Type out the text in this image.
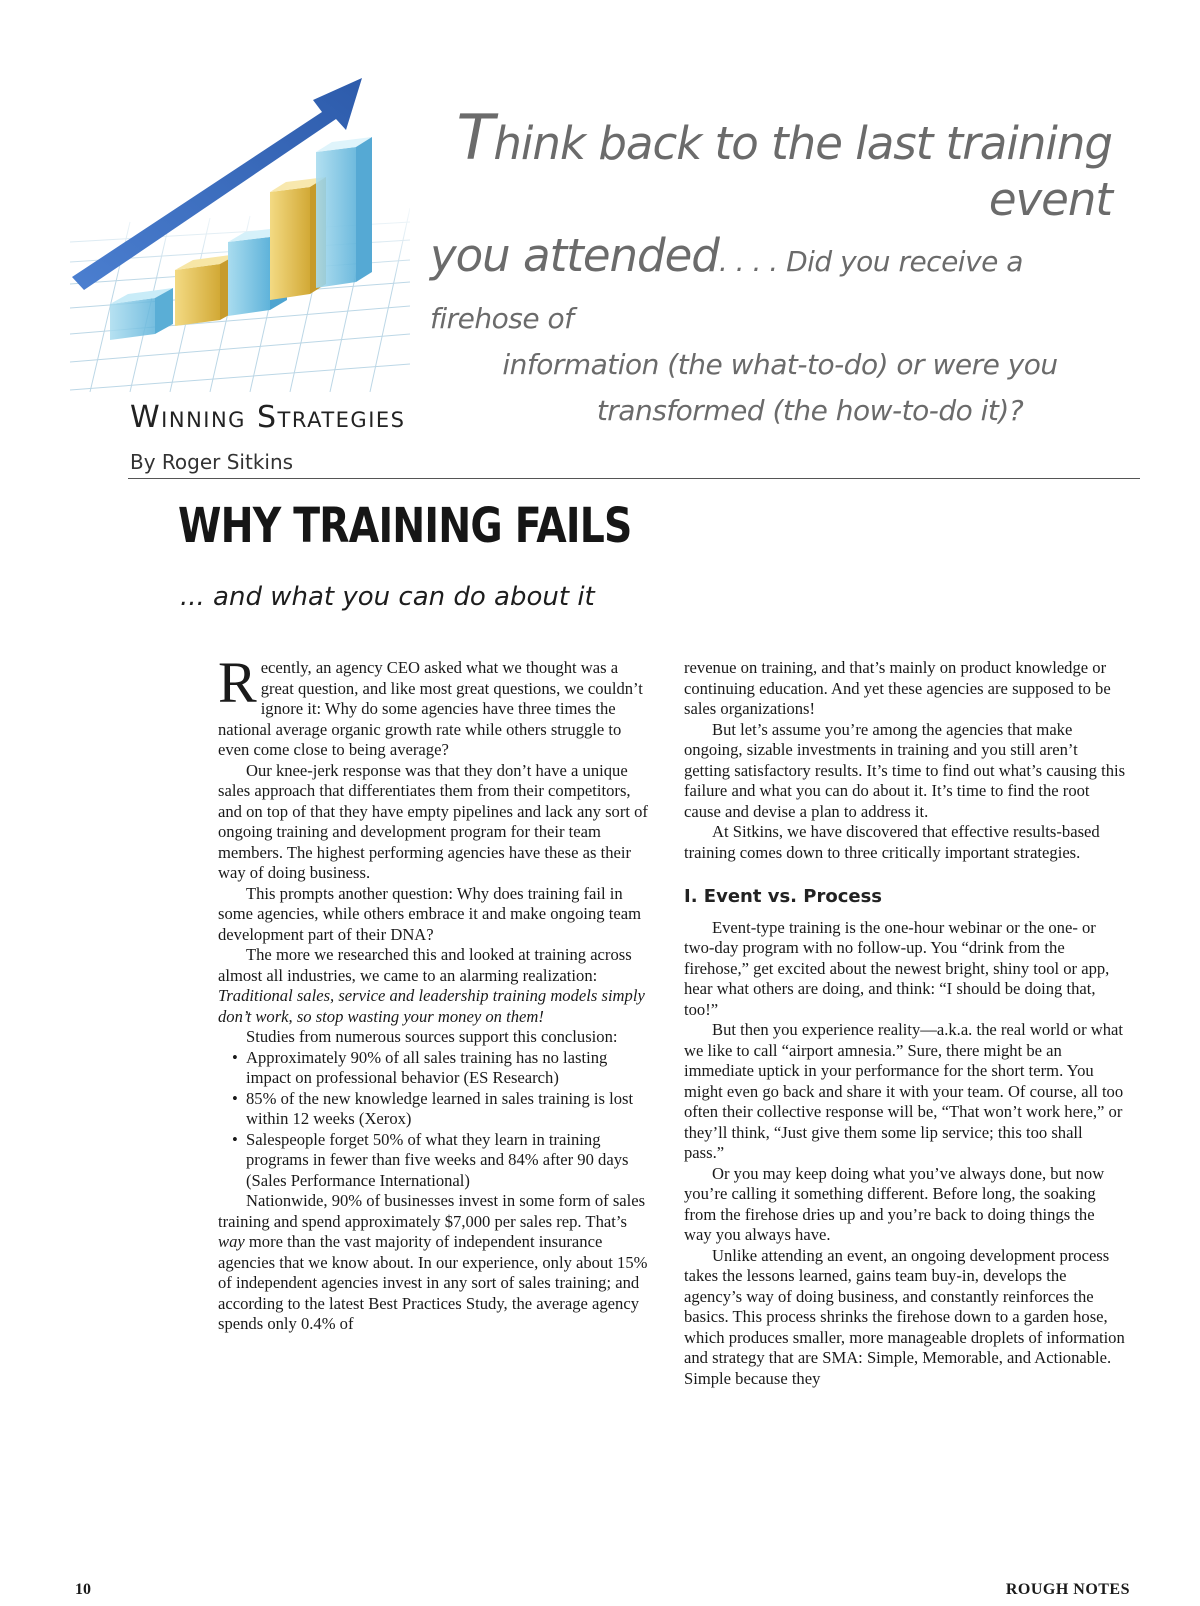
Think back to the last training event
you attended. . . . Did you receive a firehose of
information (the what-to-do) or were you
transformed (the how-to-do it)?
Winning Strategies
By Roger Sitkins
WHY TRAINING FAILS
... and what you can do about it

Recently, an agency CEO asked what we thought was a great question, and like most great questions, we couldn’t ignore it: Why do some agencies have three times the national average organic growth rate while others struggle to even come close to being average?

Our knee-jerk response was that they don’t have a unique sales approach that differentiates them from their competitors, and on top of that they have empty pipelines and lack any sort of ongoing training and development program for their team members. The highest performing agencies have these as their way of doing business.

This prompts another question: Why does training fail in some agencies, while others embrace it and make ongoing team development part of their DNA?

The more we researched this and looked at training across almost all industries, we came to an alarming realization: Traditional sales, service and leadership training models simply don’t work, so stop wasting your money on them!

Studies from numerous sources support this conclusion:

• Approximately 90% of all sales training has no lasting impact on professional behavior (ES Research)
• 85% of the new knowledge learned in sales training is lost within 12 weeks (Xerox)
• Salespeople forget 50% of what they learn in training programs in fewer than five weeks and 84% after 90 days (Sales Performance International)

Nationwide, 90% of businesses invest in some form of sales training and spend approximately $7,000 per sales rep. That’s way more than the vast majority of independent insurance agencies that we know about. In our experience, only about 15% of independent agencies invest in any sort of sales training; and according to the latest Best Practices Study, the average agency spends only 0.4% of

revenue on training, and that’s mainly on product knowledge or continuing education. And yet these agencies are supposed to be sales organizations!

But let’s assume you’re among the agencies that make ongoing, sizable investments in training and you still aren’t getting satisfactory results. It’s time to find out what’s causing this failure and what you can do about it. It’s time to find the root cause and devise a plan to address it.

At Sitkins, we have discovered that effective results-based training comes down to three critically important strategies.

I. Event vs. Process

Event-type training is the one-hour webinar or the one- or two-day program with no follow-up. You “drink from the firehose,” get excited about the newest bright, shiny tool or app, hear what others are doing, and think: “I should be doing that, too!”

But then you experience reality—a.k.a. the real world or what we like to call “airport amnesia.” Sure, there might be an immediate uptick in your performance for the short term. You might even go back and share it with your team. Of course, all too often their collective response will be, “That won’t work here,” or they’ll think, “Just give them some lip service; this too shall pass.”

Or you may keep doing what you’ve always done, but now you’re calling it something different. Before long, the soaking from the firehose dries up and you’re back to doing things the way you always have.

Unlike attending an event, an ongoing development process takes the lessons learned, gains team buy-in, develops the agency’s way of doing business, and constantly reinforces the basics. This process shrinks the firehose down to a garden hose, which produces smaller, more manageable droplets of information and strategy that are SMA: Simple, Memorable, and Actionable. Simple because they

10	ROUGH NOTES
